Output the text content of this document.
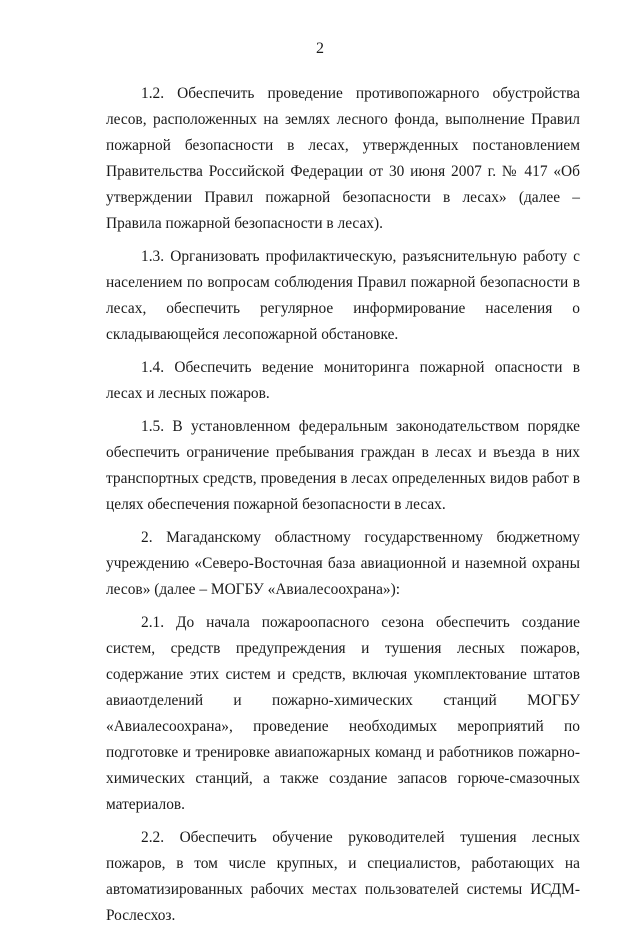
2

1.2. Обеспечить проведение противопожарного обустройства лесов, расположенных на землях лесного фонда, выполнение Правил пожарной безопасности в лесах, утвержденных постановлением Правительства Российской Федерации от 30 июня 2007 г. № 417 «Об утверждении Правил пожарной безопасности в лесах» (далее – Правила пожарной безопасности в лесах).

1.3. Организовать профилактическую, разъяснительную работу с населением по вопросам соблюдения Правил пожарной безопасности в лесах, обеспечить регулярное информирование населения о складывающейся лесопожарной обстановке.

1.4. Обеспечить ведение мониторинга пожарной опасности в лесах и лесных пожаров.

1.5. В установленном федеральным законодательством порядке обеспечить ограничение пребывания граждан в лесах и въезда в них транспортных средств, проведения в лесах определенных видов работ в целях обеспечения пожарной безопасности в лесах.

2. Магаданскому областному государственному бюджетному учреждению «Северо-Восточная база авиационной и наземной охраны лесов» (далее – МОГБУ «Авиалесоохрана»):

2.1. До начала пожароопасного сезона обеспечить создание систем, средств предупреждения и тушения лесных пожаров, содержание этих систем и средств, включая укомплектование штатов авиаотделений и пожарно-химических станций МОГБУ «Авиалесоохрана», проведение необходимых мероприятий по подготовке и тренировке авиапожарных команд и работников пожарно-химических станций, а также создание запасов горюче-смазочных материалов.

2.2. Обеспечить обучение руководителей тушения лесных пожаров, в том числе крупных, и специалистов, работающих на автоматизированных рабочих местах пользователей системы ИСДМ-Рослесхоз.
